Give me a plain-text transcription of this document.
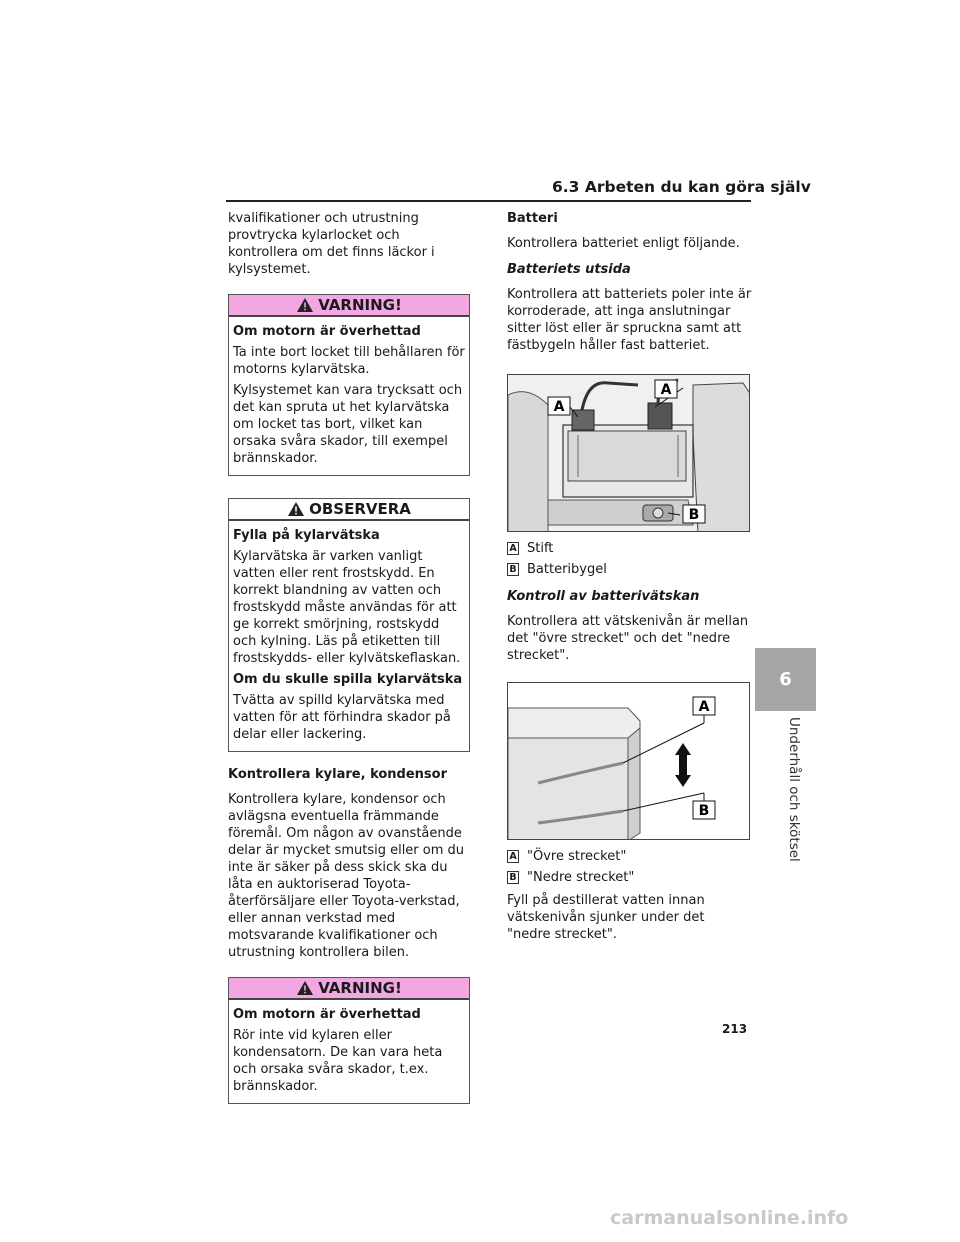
6.3 Arbeten du kan göra själv

kvalifikationer och utrustning provtrycka kylarlocket och kontrollera om det finns läckor i kylsystemet.

VARNING!
Om motorn är överhettad

Ta inte bort locket till behållaren för motorns kylarvätska.

Kylsystemet kan vara trycksatt och det kan spruta ut het kylarvätska om locket tas bort, vilket kan orsaka svåra skador, till exempel brännskador.

OBSERVERA
Fylla på kylarvätska

Kylarvätska är varken vanligt vatten eller rent frostskydd. En korrekt blandning av vatten och frostskydd måste användas för att ge korrekt smörjning, rostskydd och kylning. Läs på etiketten till frostskydds- eller kylvätskeflaskan.

Om du skulle spilla kylarvätska

Tvätta av spilld kylarvätska med vatten för att förhindra skador på delar eller lackering.

Kontrollera kylare, kondensor

Kontrollera kylare, kondensor och avlägsna eventuella främmande föremål. Om någon av ovanstående delar är mycket smutsig eller om du inte är säker på dess skick ska du låta en auktoriserad Toyota-återförsäljare eller Toyota-verkstad, eller annan verkstad med motsvarande kvalifikationer och utrustning kontrollera bilen.

VARNING!
Om motorn är överhettad

Rör inte vid kylaren eller kondensatorn. De kan vara heta och orsaka svåra skador, t.ex. brännskador.

Batteri

Kontrollera batteriet enligt följande.

Batteriets utsida

Kontrollera att batteriets poler inte är korroderade, att inga anslutningar sitter löst eller är spruckna samt att fästbygeln håller fast batteriet.

A
A
B
A Stift
B Batteribygel
Kontroll av batterivätskan

Kontrollera att vätskenivån är mellan det "övre strecket" och det "nedre strecket".

A
B
A "Övre strecket"
B "Nedre strecket"

Fyll på destillerat vatten innan vätskenivån sjunker under det "nedre strecket".

6
Underhåll och skötsel
213
carmanualsonline.info
